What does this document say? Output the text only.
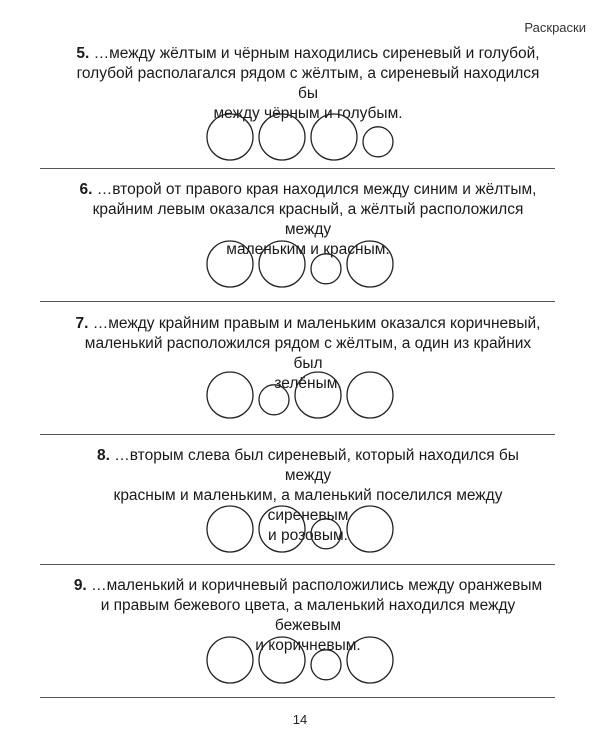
Раскраски
5. …между жёлтым и чёрным находились сиреневый и голубой,
голубой располагался рядом с жёлтым, а сиреневый находился бы
между чёрным и голубым.
6. …второй от правого края находился между синим и жёлтым,
крайним левым оказался красный, а жёлтый расположился между
маленьким и красным.
7. …между крайним правым и маленьким оказался коричневый,
маленький расположился рядом с жёлтым, а один из крайних был
зелёным.
8. …вторым слева был сиреневый, который находился бы между
красным и маленьким, а маленький поселился между сиреневым
и розовым.
9. …маленький и коричневый расположились между оранжевым
и правым бежевого цвета, а маленький находился между бежевым
и коричневым.
14
